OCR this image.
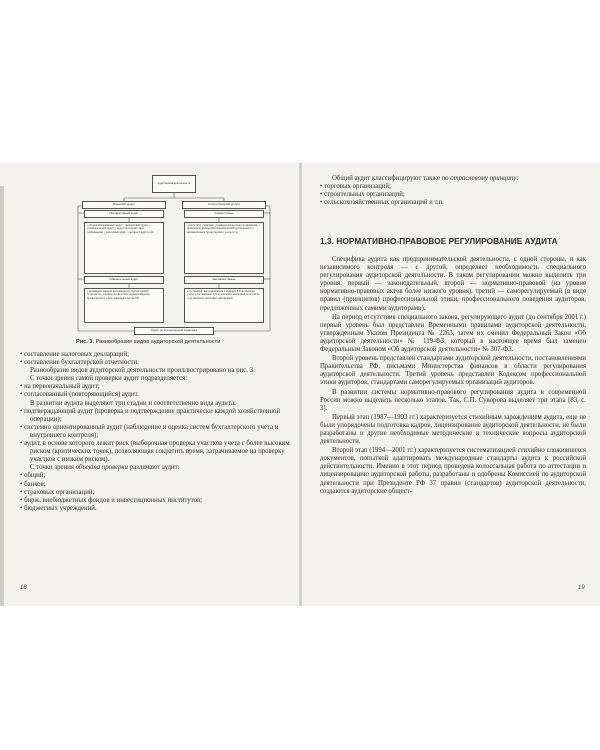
Аудиторская деятельность
Внешний аудит	Сопутствующие услуги
Инициативный аудит	Совместимые
• специализированный аудит; • финансовый аудит; • управленческий аудит; • аудит на соответствие требованиям; • налоговый аудит; • экспресс-аудит и др.
• налоговое, правовое, управленческое консультирование; • инжиниринг финансово-экономической деятельности; • автоматизация бухгалтерского учета и т.д.
Обязательный аудит	Несовместимые
• выражение мнения достоверности бухгалтерской отчетности; • оценка соответствия порядка ведения бухгалтерского учета законодательству РФ
• постановка, восстановление и ведение бухгалтерского учета; • составление бухгалтерской и налоговой отчетности; • составление налоговых деклараций
Аудит по специальным заданиям
Рис. 3. Разнообразие видов аудиторской деятельности

• составление налоговых деклараций;

• составление бухгалтерской отчетности.

Разнообразие видов аудиторской деятельности проиллюстрировано на рис. 3.

С точки зрения самой проверки аудит подразделяется:

• на первоначальный аудит;

• согласованный (повторяющийся) аудит.

В развитии аудита выделяют три стадии и соответственно вида аудита:

• подтверждающий аудит (проверка и подтверждение практически каждой хозяйственной операции);

• системно ориентированный аудит (наблюдение и оценка систем бухгалтерского учета и внутреннего контроля);

• аудит, в основе которого лежит риск (выборочная проверка участков учета с более высоким риском (критических точек), позволяющая сократить время, затрачиваемое на проверку участков с низким риском).

С точки зрения объекта проверки различают аудит:

• общий;

• банков;

• страховых организаций;

• бирж, внебюджетных фондов и инвестиционных институтов;

• бюджетных учреждений.

18

Общий аудит классифицируют также по отраслевому принципу:

• торговых организаций;

• строительных организаций;

• сельскохозяйственных организаций и т.п.

1.3. НОРМАТИВНО-ПРАВОВОЕ РЕГУЛИРОВАНИЕ АУДИТА

Специфика аудита как предпринимательской деятельности, с одной стороны, и как независимого контроля — с другой, определяет необходимость специального регулирования аудиторской деятельности. В таком регулировании можно выделить три уровня: первый — законодательный, второй — нормативно-правовой (на уровне нормативно-правовых актов более низкого уровня), третий — саморегулируемый (в виде правил (принципов) профессиональной этики, профессионального поведения аудиторов, предложенных самими аудиторами).

На период отсутствия специального закона, регулирующего аудит (до сентября 2001 г.) первый уровень был представлен Временными правилами аудиторской деятельности, утвержденным Указом Президента № 2263, затем их сменил Федеральный Закон «Об аудиторской деятельности» № 119-ФЗ, который в настоящее время был заменен Федеральным Законом «Об аудиторской деятельности» № 307-ФЗ.

Второй уровень представлен стандартами аудиторской деятельности, постановлениями Правительства РФ, письмами Министерства финансов в области регулирования аудиторской деятельности. Третий уровень представлен Кодексом профессиональной этики аудиторов, стандартами саморегулируемых организаций аудиторов.

В развитии системы нормативно-правового регулирования аудита в современной России можно выделить несколько этапов. Так, С.П. Суворова выделяет три этапа [83, с. 3].

Первый этап (1987—1993 гг.) характеризуется стихийным зарождением аудита, еще не были упорядочены подготовка кадров, лицензирование аудиторской деятельности, не были разработаны и другие необходимые методические и технические вопросы аудиторской деятельности.

Второй этап (1994—2001 гг.) характеризуется систематизацией стихийно сложившихся документов, попыткой адаптировать международные стандарты аудита к российской действительности. Именно в этот период проведена колоссальная работа по аттестации и лицензированию аудиторской работы, разработаны и одобрены Комиссией по аудиторской деятельности при Президенте РФ 37 правил (стандартов) аудиторской деятельности, создаются аудиторские общест-

19
